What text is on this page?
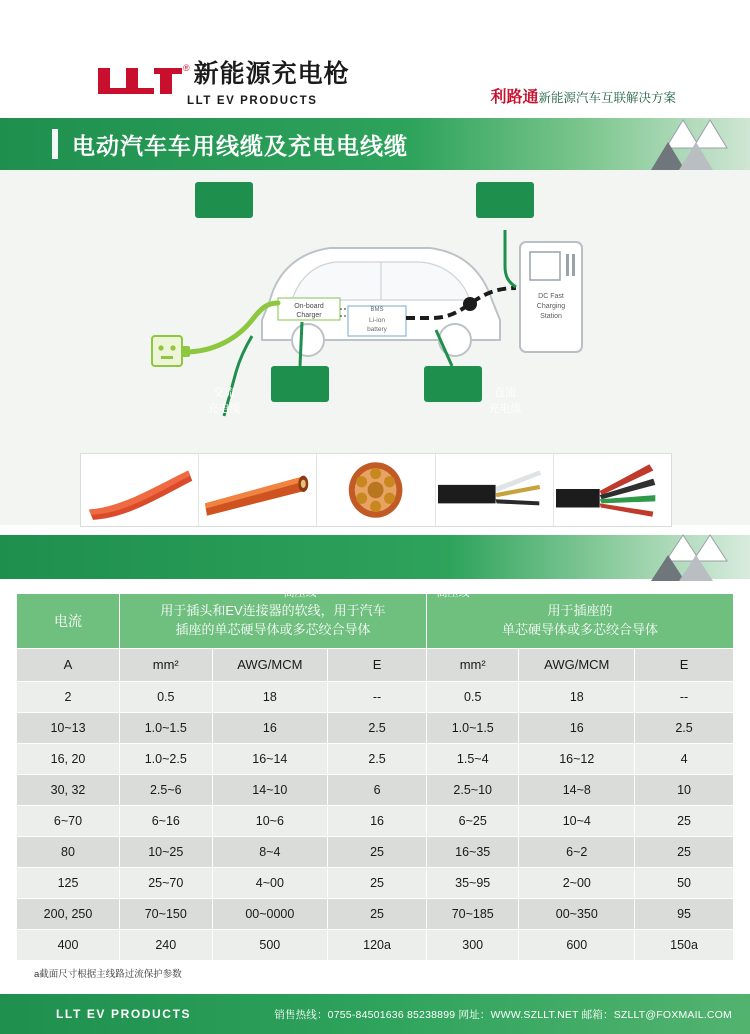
® 新能源充电枪
LLT EV PRODUCTS	利路通新能源汽车互联解决方案
电动汽车车用线缆及充电电线缆
On-board
Charger
BMS
Li-ion
battery
DC Fast
Charging
Station
交流
充电缆
直流
充电缆
高压线	高压线
电流	
用于插头和EV连接器的软线，用于汽车
插座的单芯硬导体或多芯绞合导体

用于插座的
单芯硬导体或多芯绞合导体

A	mm²	AWG/MCM	E	mm²	AWG/MCM	E
2	0.5	18	--	0.5	18	--
10~13	1.0~1.5	16	2.5	1.0~1.5	16	2.5
16, 20	1.0~2.5	16~14	2.5	1.5~4	16~12	4
30, 32	2.5~6	14~10	6	2.5~10	14~8	10
6~70	6~16	10~6	16	6~25	10~4	25
80	10~25	8~4	25	16~35	6~2	25
125	25~70	4~00	25	35~95	2~00	50
200, 250	70~150	00~0000	25	70~185	00~350	95
400	240	500	120a	300	600	150a
a截面尺寸根据主线路过流保护参数
LLT EV PRODUCTS	销售热线：0755-84501636 85238899 网址：WWW.SZLLT.NET 邮箱：SZLLT@FOXMAIL.COM
